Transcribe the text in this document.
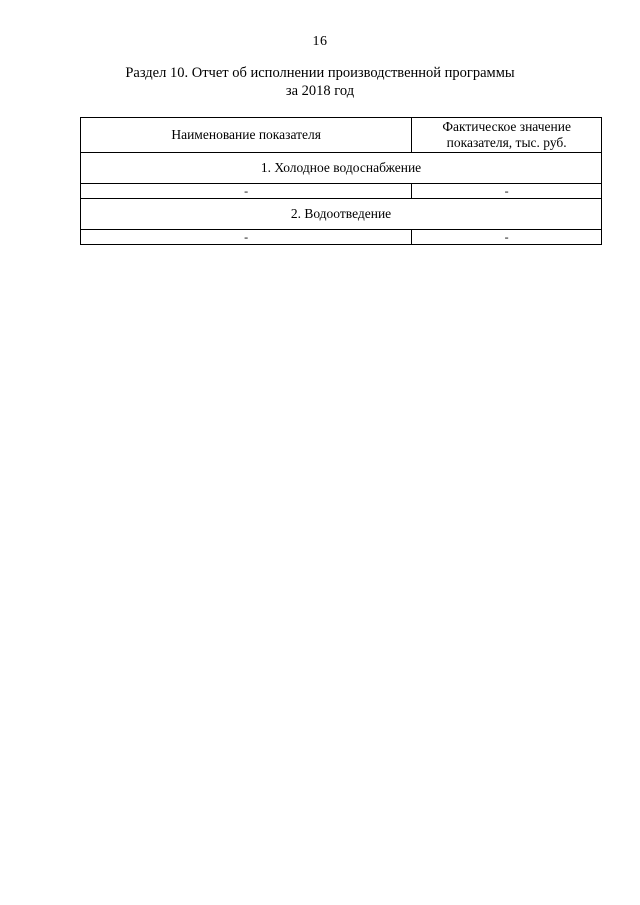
16
Раздел 10. Отчет об исполнении производственной программы
за 2018 год
Наименование показателя	Фактическое значение
показателя, тыс. руб.

1. Холодное водоснабжение	
-	-
2. Водоотведение	
-	-
